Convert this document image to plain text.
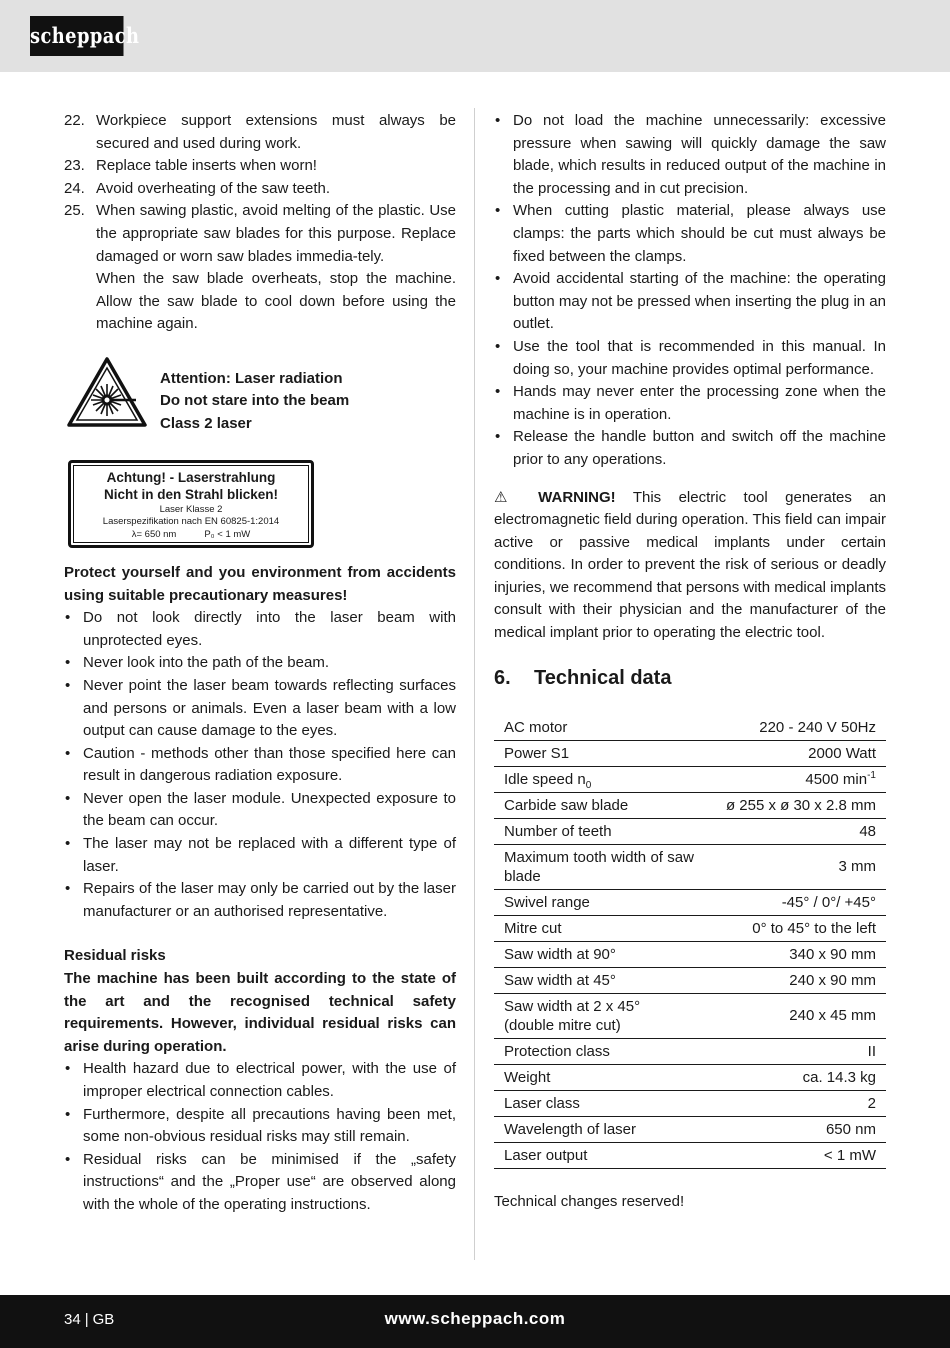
scheppach
22. Workpiece support extensions must always be secured and used during work.
23. Replace table inserts when worn!
24. Avoid overheating of the saw teeth.
25. When sawing plastic, avoid melting of the plastic. Use the appropriate saw blades for this purpose. Replace damaged or worn saw blades immedia-tely.
When the saw blade overheats, stop the machine. Allow the saw blade to cool down before using the machine again.
Attention: Laser radiation
Do not stare into the beam
Class 2 laser
Achtung! - Laserstrahlung
Nicht in den Strahl blicken!
Laser Klasse 2
Laserspezifikation nach EN 60825-1:2014
λ= 650 nm	P₀ < 1 mW

Protect yourself and you environment from accidents using suitable precautionary measures!

• Do not look directly into the laser beam with unprotected eyes.
• Never look into the path of the beam.
• Never point the laser beam towards reflecting surfaces and persons or animals. Even a laser beam with a low output can cause damage to the eyes.
• Caution - methods other than those specified here can result in dangerous radiation exposure.
• Never open the laser module. Unexpected exposure to the beam can occur.
• The laser may not be replaced with a different type of laser.
• Repairs of the laser may only be carried out by the laser manufacturer or an authorised representative.

Residual risks

The machine has been built according to the state of the art and the recognised technical safety requirements. However, individual residual risks can arise during operation.

• Health hazard due to electrical power, with the use of improper electrical connection cables.
• Furthermore, despite all precautions having been met, some non-obvious residual risks may still remain.
• Residual risks can be minimised if the „safety instructions“ and the „Proper use“ are observed along with the whole of the operating instructions.
• Do not load the machine unnecessarily: excessive pressure when sawing will quickly damage the saw blade, which results in reduced output of the machine in the processing and in cut precision.
• When cutting plastic material, please always use clamps: the parts which should be cut must always be fixed between the clamps.
• Avoid accidental starting of the machine: the operating button may not be pressed when inserting the plug in an outlet.
• Use the tool that is recommended in this manual. In doing so, your machine provides optimal performance.
• Hands may never enter the processing zone when the machine is in operation.
• Release the handle button and switch off the machine prior to any operations.

⚠ WARNING! This electric tool generates an electromagnetic field during operation. This field can impair active or passive medical implants under certain conditions. In order to prevent the risk of serious or deadly injuries, we recommend that persons with medical implants consult with their physician and the manufacturer of the medical implant prior to operating the electric tool.

6. Technical data
AC motor	220 - 240 V 50Hz
Power S1	2000 Watt
Idle speed $n_0$	4500 $\min^{-1}$
Carbide saw blade	ø 255 x ø 30 x 2.8 mm
Number of teeth	48
Maximum tooth width of saw blade	3 mm
Swivel range	-45° / 0°/ +45°
Mitre cut	0° to 45° to the left
Saw width at 90°	340 x 90 mm
Saw width at 45°	240 x 90 mm
Saw width at 2 x 45° (double mitre cut)	240 x 45 mm
Protection class	II
Weight	ca. 14.3 kg
Laser class	2
Wavelength of laser	650 nm
Laser output	< 1 mW

Technical changes reserved!

34 | GB	www.scheppach.com
